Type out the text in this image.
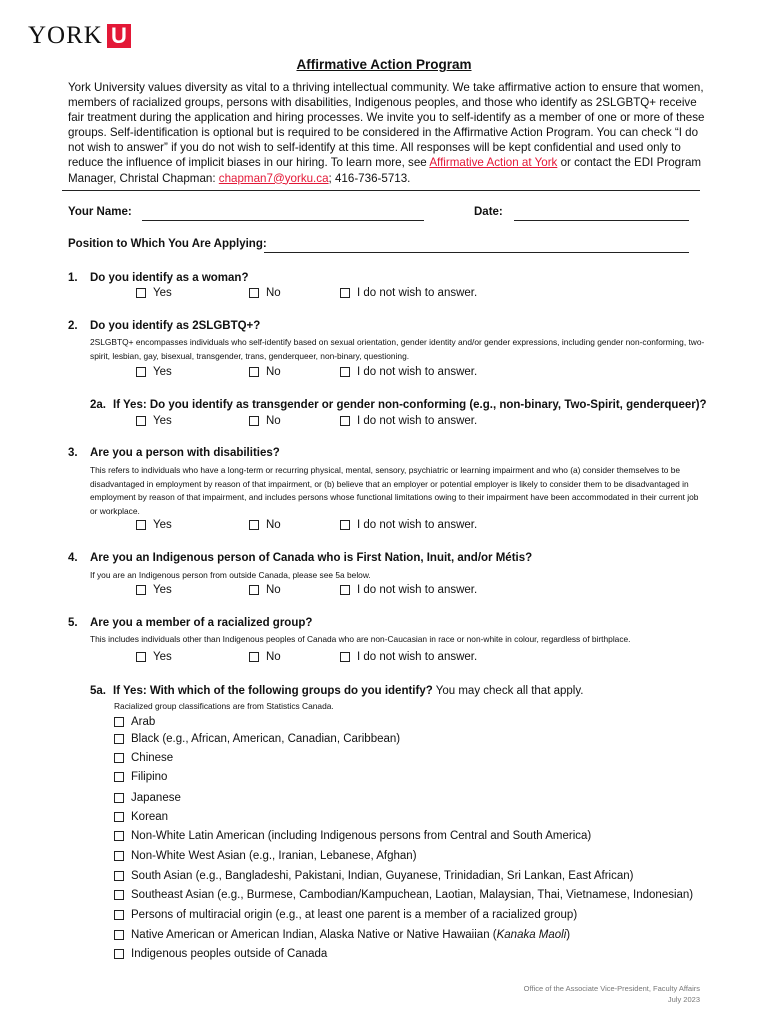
YORK U
Affirmative Action Program
York University values diversity as vital to a thriving intellectual community. We take affirmative action to ensure that women, members of racialized groups, persons with disabilities, Indigenous peoples, and those who identify as 2SLGBTQ+ receive fair treatment during the application and hiring processes. We invite you to self-identify as a member of one or more of these groups. Self-identification is optional but is required to be considered in the Affirmative Action Program. You can check “I do not wish to answer” if you do not wish to self-identify at this time. All responses will be kept confidential and used only to reduce the influence of implicit biases in our hiring. To learn more, see Affirmative Action at York or contact the EDI Program Manager, Christal Chapman: chapman7@yorku.ca; 416-736-5713.
Your Name:	Date:
Position to Which You Are Applying:
1. Do you identify as a woman?
Yes	No	I do not wish to answer.
2. Do you identify as 2SLGBTQ+?
2SLGBTQ+ encompasses individuals who self-identify based on sexual orientation, gender identity and/or gender expressions, including gender non-conforming, two-spirit, lesbian, gay, bisexual, transgender, trans, genderqueer, non-binary, questioning.
Yes	No	I do not wish to answer.
2a. If Yes: Do you identify as transgender or gender non-conforming (e.g., non-binary, Two-Spirit, genderqueer)?
Yes	No	I do not wish to answer.
3. Are you a person with disabilities?
This refers to individuals who have a long-term or recurring physical, mental, sensory, psychiatric or learning impairment and who (a) consider themselves to be disadvantaged in employment by reason of that impairment, or (b) believe that an employer or potential employer is likely to consider them to be disadvantaged in employment by reason of that impairment, and includes persons whose functional limitations owing to their impairment have been accommodated in their current job or workplace.
Yes	No	I do not wish to answer.
4. Are you an Indigenous person of Canada who is First Nation, Inuit, and/or Métis?
If you are an Indigenous person from outside Canada, please see 5a below.
Yes	No	I do not wish to answer.
5. Are you a member of a racialized group?
This includes individuals other than Indigenous peoples of Canada who are non-Caucasian in race or non-white in colour, regardless of birthplace.
Yes	No	I do not wish to answer.
5a. If Yes: With which of the following groups do you identify? You may check all that apply.
Racialized group classifications are from Statistics Canada.
Arab
Black (e.g., African, American, Canadian, Caribbean)
Chinese
Filipino
Japanese
Korean
Non-White Latin American (including Indigenous persons from Central and South America)
Non-White West Asian (e.g., Iranian, Lebanese, Afghan)
South Asian (e.g., Bangladeshi, Pakistani, Indian, Guyanese, Trinidadian, Sri Lankan, East African)
Southeast Asian (e.g., Burmese, Cambodian/Kampuchean, Laotian, Malaysian, Thai, Vietnamese, Indonesian)
Persons of multiracial origin (e.g., at least one parent is a member of a racialized group)
Native American or American Indian, Alaska Native or Native Hawaiian ( Kanaka Maoli )
Indigenous peoples outside of Canada
Office of the Associate Vice-President, Faculty Affairs
July 2023
